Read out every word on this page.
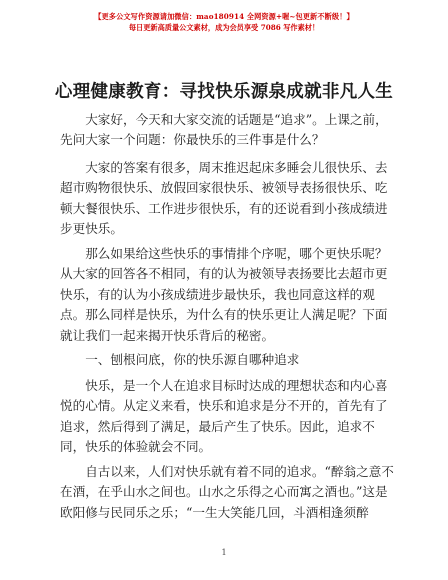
【更多公文写作资源请加微信：mao180914 全网资源+喔~包更新不断级！】
每日更新高质量公文素材，成为会员享受 7086 写作素材！
心理健康教育：寻找快乐源泉成就非凡人生

大家好，今天和大家交流的话题是“追求”。上课之前，先问大家一个问题：你最快乐的三件事是什么？

大家的答案有很多，周末推迟起床多睡会儿很快乐、去超市购物很快乐、放假回家很快乐、被领导表扬很快乐、吃顿大餐很快乐、工作进步很快乐，有的还说看到小孩成绩进步更快乐。

那么如果给这些快乐的事情排个序呢，哪个更快乐呢？从大家的回答各不相同，有的认为被领导表扬要比去超市更快乐，有的认为小孩成绩进步最快乐，我也同意这样的观点。那么同样是快乐，为什么有的快乐更让人满足呢？下面就让我们一起来揭开快乐背后的秘密。

一、刨根问底，你的快乐源自哪种追求

快乐，是一个人在追求目标时达成的理想状态和内心喜悦的心情。从定义来看，快乐和追求是分不开的，首先有了追求，然后得到了满足，最后产生了快乐。因此，追求不同，快乐的体验就会不同。

自古以来，人们对快乐就有着不同的追求。“醉翁之意不在酒，在乎山水之间也。山水之乐得之心而寓之酒也。”这是欧阳修与民同乐之乐；“一生大笑能几回，斗酒相逢须醉

1
